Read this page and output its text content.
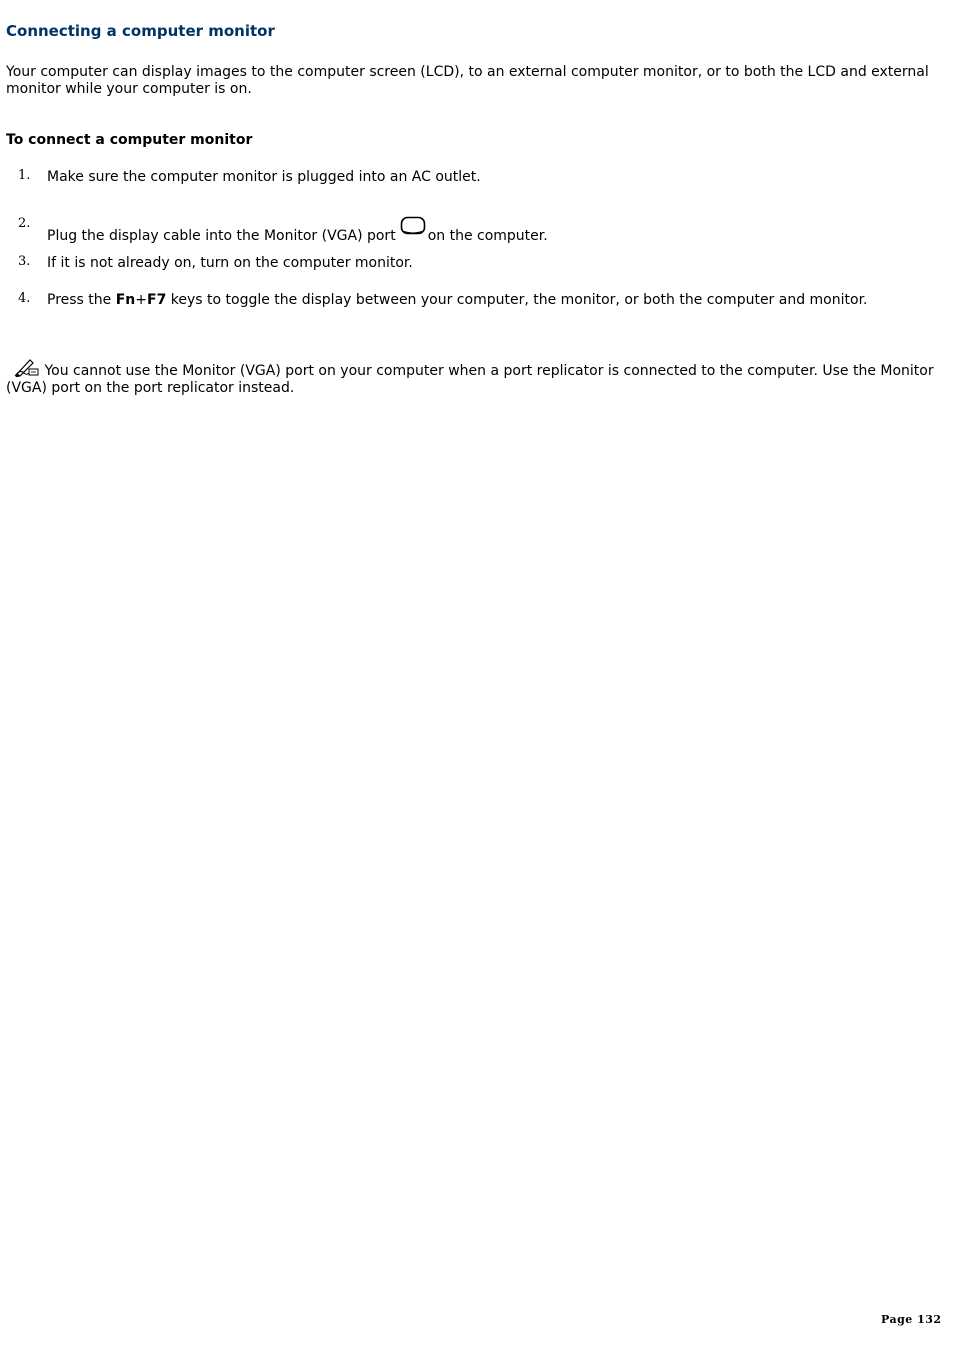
Connecting a computer monitor

Your computer can display images to the computer screen (LCD), to an external computer monitor, or to both the LCD and external monitor while your computer is on.

To connect a computer monitor
1. Make sure the computer monitor is plugged into an AC outlet.
2.
Plug the display cable into the Monitor (VGA) port on the computer.
3. If it is not already on, turn on the computer monitor.
4. Press the Fn+F7 keys to toggle the display between your computer, the monitor, or both the computer and monitor.

You cannot use the Monitor (VGA) port on your computer when a port replicator is connected to the computer. Use the Monitor (VGA) port on the port replicator instead.

Page 132
